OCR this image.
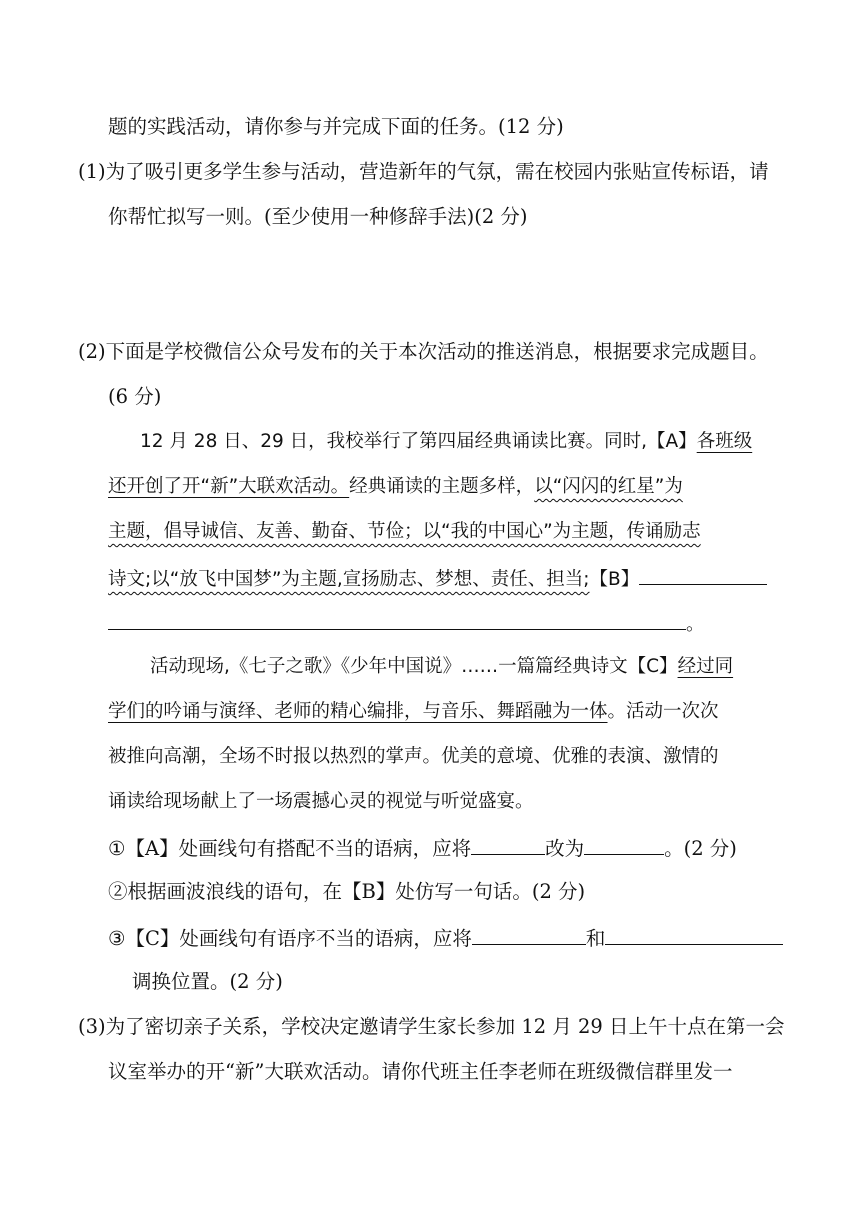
题的实践活动，请你参与并完成下面的任务。(12 分)
(1)为了吸引更多学生参与活动，营造新年的气氛，需在校园内张贴宣传标语，请
你帮忙拟写一则。(至少使用一种修辞手法)(2 分)
(2)下面是学校微信公众号发布的关于本次活动的推送消息，根据要求完成题目。
(6 分)
12 月 28 日、29 日，我校举行了第四届经典诵读比赛。同时,【A】各班级
还开创了开“新”大联欢活动。经典诵读的主题多样，以“闪闪的红星”为
主题，倡导诚信、友善、勤奋、节俭；以“我的中国心”为主题，传诵励志
诗文;以“放飞中国梦”为主题,宣扬励志、梦想、责任、担当;【B】
。
活动现场,《七子之歌》《少年中国说》……一篇篇经典诗文【C】经过同
学们的吟诵与演绎、老师的精心编排，与音乐、舞蹈融为一体。活动一次次
被推向高潮，全场不时报以热烈的掌声。优美的意境、优雅的表演、激情的
诵读给现场献上了一场震撼心灵的视觉与听觉盛宴。
①【A】处画线句有搭配不当的语病，应将	改为	。(2 分)
②根据画波浪线的语句，在【B】处仿写一句话。(2 分)
③【C】处画线句有语序不当的语病，应将	和
调换位置。(2 分)
(3)为了密切亲子关系，学校决定邀请学生家长参加 12 月 29 日上午十点在第一会
议室举办的开“新”大联欢活动。请你代班主任李老师在班级微信群里发一
